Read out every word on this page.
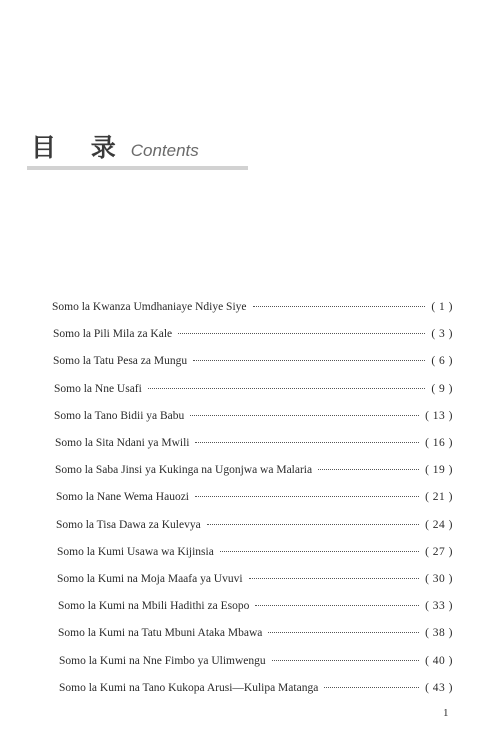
目 录 Contents
Somo la Kwanza Umdhaniaye Ndiye Siye	( 1 )
Somo la Pili Mila za Kale	( 3 )
Somo la Tatu Pesa za Mungu	( 6 )
Somo la Nne Usafi	( 9 )
Somo la Tano Bidii ya Babu	( 13 )
Somo la Sita Ndani ya Mwili	( 16 )
Somo la Saba Jinsi ya Kukinga na Ugonjwa wa Malaria	( 19 )
Somo la Nane Wema Hauozi	( 21 )
Somo la Tisa Dawa za Kulevya	( 24 )
Somo la Kumi Usawa wa Kijinsia	( 27 )
Somo la Kumi na Moja Maafa ya Uvuvi	( 30 )
Somo la Kumi na Mbili Hadithi za Esopo	( 33 )
Somo la Kumi na Tatu Mbuni Ataka Mbawa	( 38 )
Somo la Kumi na Nne Fimbo ya Ulimwengu	( 40 )
Somo la Kumi na Tano Kukopa Arusi—Kulipa Matanga	( 43 )
1
